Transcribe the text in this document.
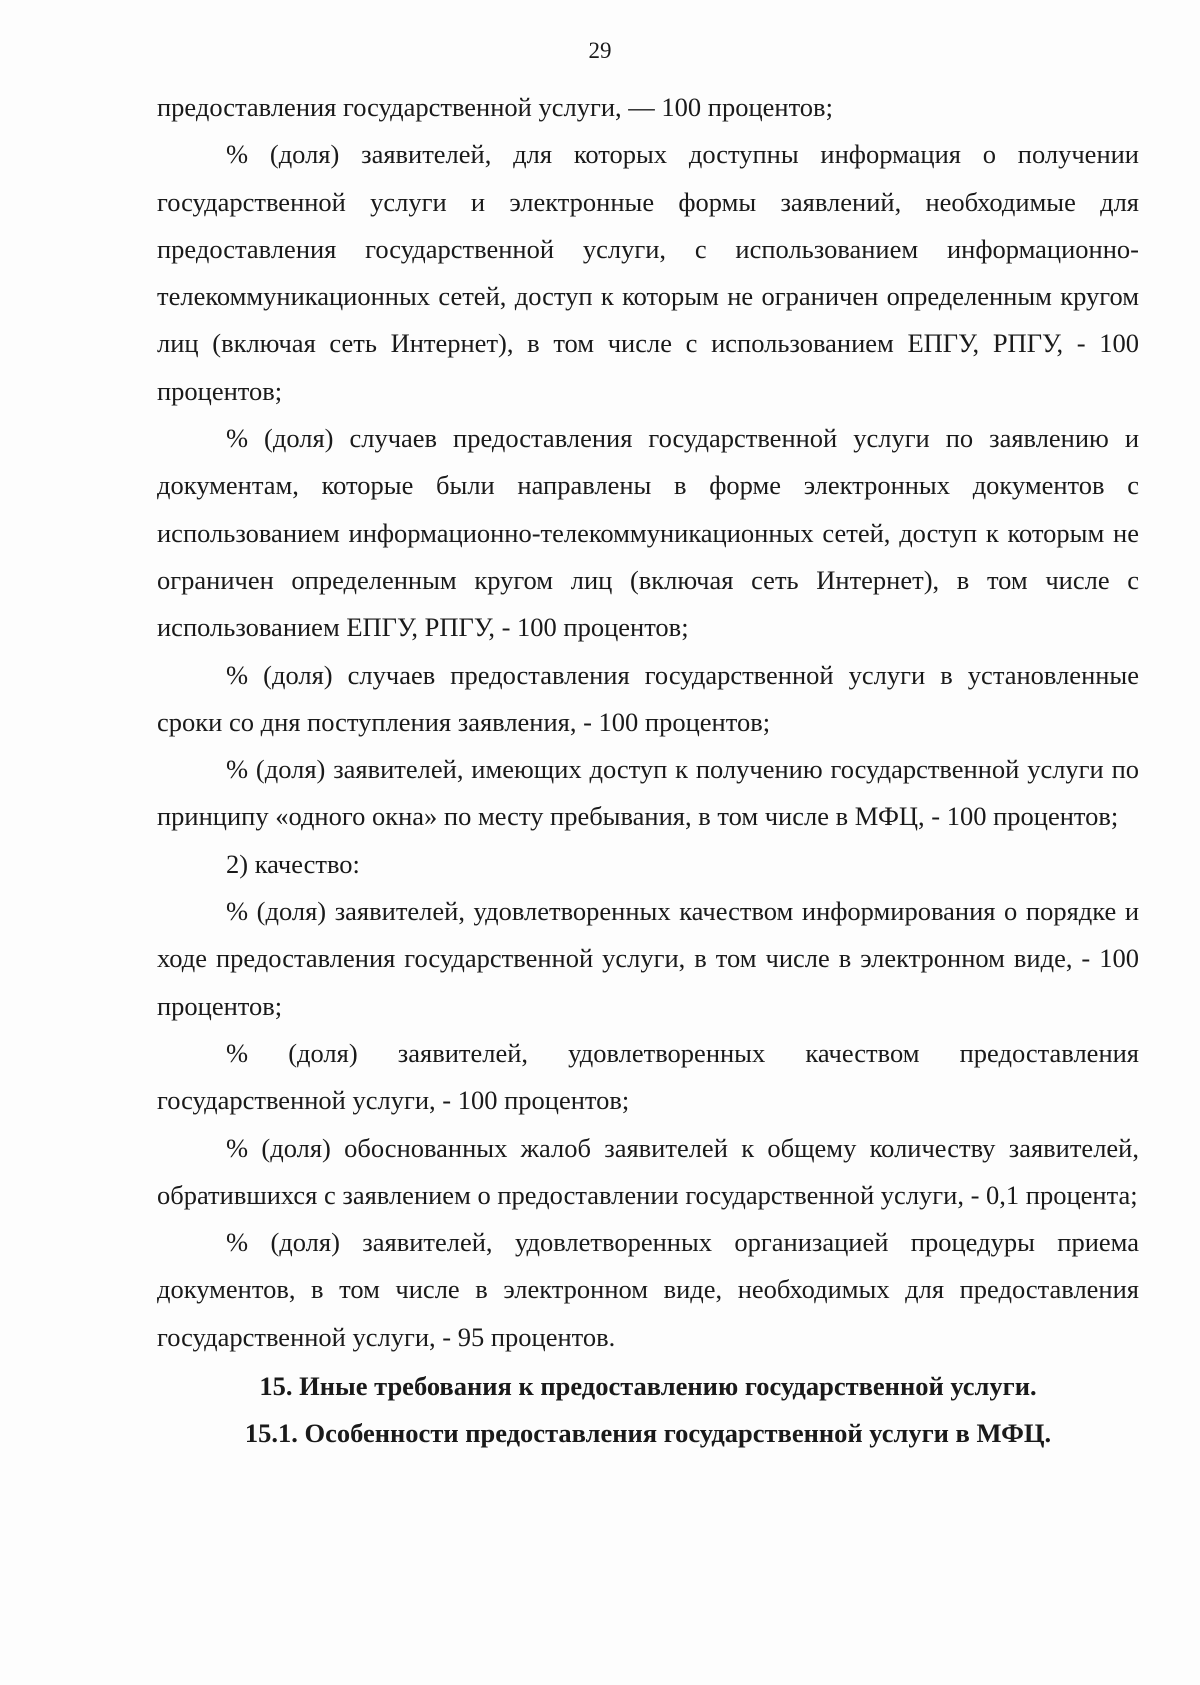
29

предоставления государственной услуги, — 100 процентов;

% (доля) заявителей, для которых доступны информация о получении государственной услуги и электронные формы заявлений, необходимые для предоставления государственной услуги, с использованием информационно-телекоммуникационных сетей, доступ к которым не ограничен определенным кругом лиц (включая сеть Интернет), в том числе с использованием ЕПГУ, РПГУ, - 100 процентов;

% (доля) случаев предоставления государственной услуги по заявлению и документам, которые были направлены в форме электронных документов с использованием информационно-телекоммуникационных сетей, доступ к которым не ограничен определенным кругом лиц (включая сеть Интернет), в том числе с использованием ЕПГУ, РПГУ, - 100 процентов;

% (доля) случаев предоставления государственной услуги в установленные сроки со дня поступления заявления, - 100 процентов;

% (доля) заявителей, имеющих доступ к получению государственной услуги по принципу «одного окна» по месту пребывания, в том числе в МФЦ, - 100 процентов;

2) качество:

% (доля) заявителей, удовлетворенных качеством информирования о порядке и ходе предоставления государственной услуги, в том числе в электронном виде, - 100 процентов;

% (доля) заявителей, удовлетворенных качеством предоставления государственной услуги, - 100 процентов;

% (доля) обоснованных жалоб заявителей к общему количеству заявителей, обратившихся с заявлением о предоставлении государственной услуги, - 0,1 процента;

% (доля) заявителей, удовлетворенных организацией процедуры приема документов, в том числе в электронном виде, необходимых для предоставления государственной услуги, - 95 процентов.

15. Иные требования к предоставлению государственной услуги.

15.1. Особенности предоставления государственной услуги в МФЦ.
